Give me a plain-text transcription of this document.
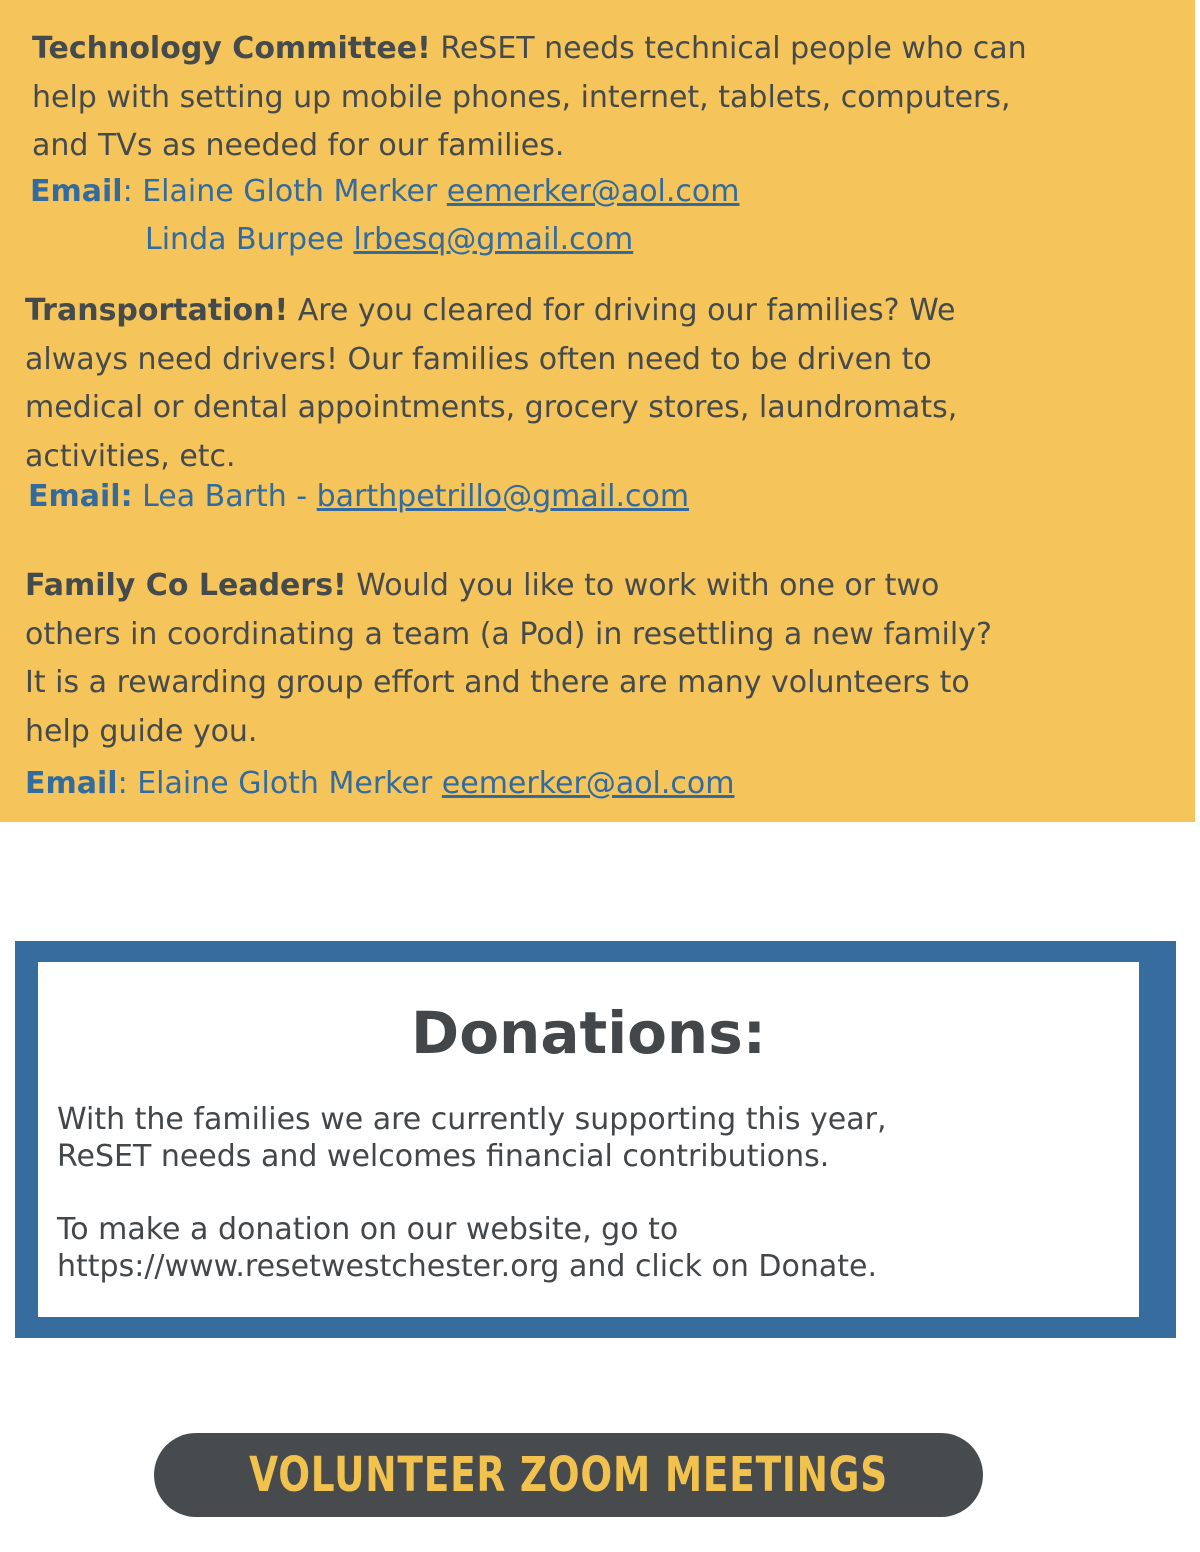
Technology Committee! ReSET needs technical people who can
help with setting up mobile phones, internet, tablets, computers,
and TVs as needed for our families.

Email: Elaine Gloth Merker eemerker@aol.com

Linda Burpee lrbesq@gmail.com

Transportation! Are you cleared for driving our families? We
always need drivers! Our families often need to be driven to
medical or dental appointments, grocery stores, laundromats,
activities, etc.

Email: Lea Barth - barthpetrillo@gmail.com

Family Co Leaders! Would you like to work with one or two
others in coordinating a team (a Pod) in resettling a new family?
It is a rewarding group effort and there are many volunteers to
help guide you.

Email: Elaine Gloth Merker eemerker@aol.com

Donations:

With the families we are currently supporting this year,
ReSET needs and welcomes financial contributions.

To make a donation on our website, go to
https://www.resetwestchester.org and click on Donate.

VOLUNTEER ZOOM MEETINGS
